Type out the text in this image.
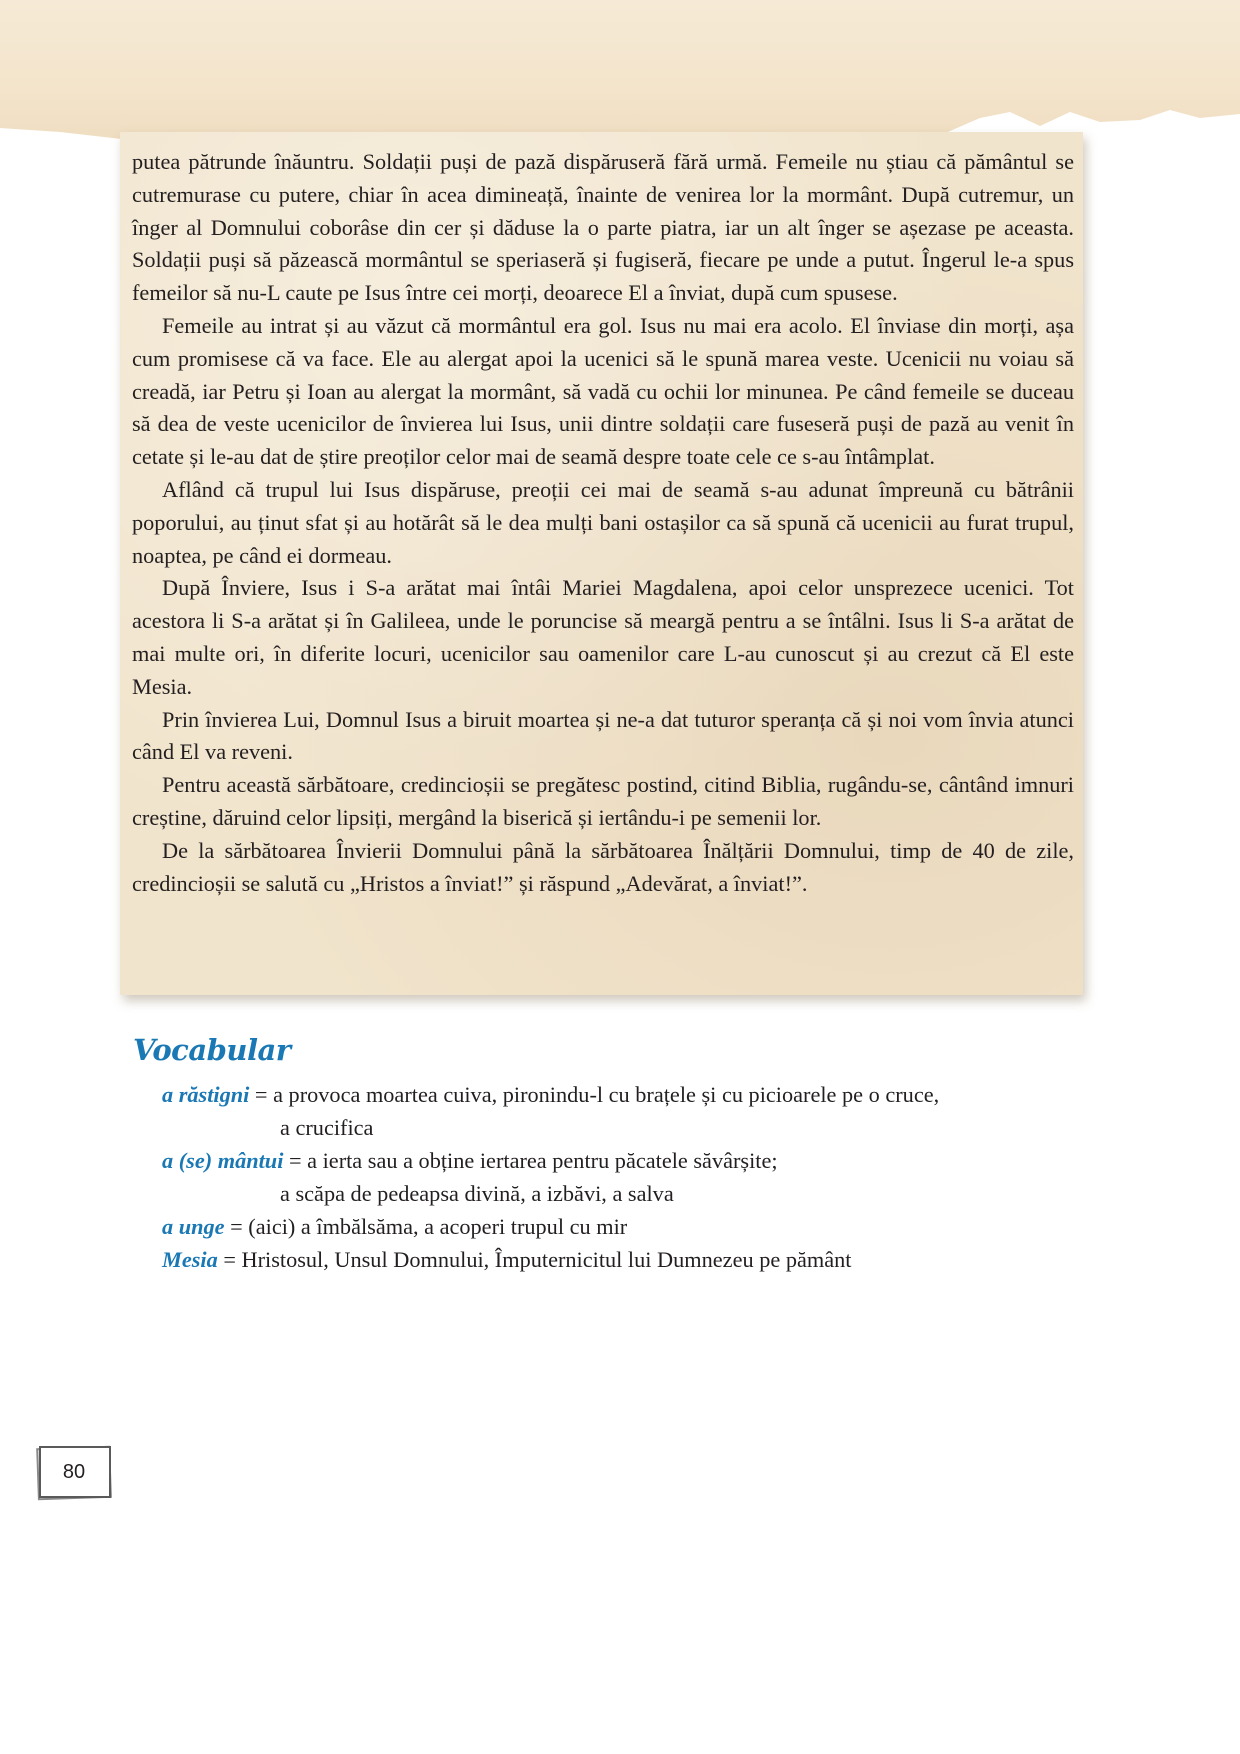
putea pătrunde înăuntru. Soldații puși de pază dispăruseră fără urmă. Femeile nu știau că pământul se cutremurase cu putere, chiar în acea dimineață, înainte de venirea lor la mormânt. După cutremur, un înger al Domnului coborâse din cer și dăduse la o parte piatra, iar un alt înger se așezase pe aceasta. Soldații puși să păzească mormântul se speriaseră și fugiseră, fiecare pe unde a putut. Îngerul le-a spus femeilor să nu-L caute pe Isus între cei morți, deoarece El a înviat, după cum spusese.

Femeile au intrat și au văzut că mormântul era gol. Isus nu mai era acolo. El înviase din morți, așa cum promisese că va face. Ele au alergat apoi la ucenici să le spună marea veste. Ucenicii nu voiau să creadă, iar Petru și Ioan au alergat la mormânt, să vadă cu ochii lor minunea. Pe când femeile se duceau să dea de veste ucenicilor de învierea lui Isus, unii dintre soldații care fuseseră puși de pază au venit în cetate și le-au dat de știre preoților celor mai de seamă despre toate cele ce s-au întâmplat.

Aflând că trupul lui Isus dispăruse, preoții cei mai de seamă s-au adunat împreună cu bătrânii poporului, au ținut sfat și au hotărât să le dea mulți bani ostașilor ca să spună că ucenicii au furat trupul, noaptea, pe când ei dormeau.

După Înviere, Isus i S-a arătat mai întâi Mariei Magdalena, apoi celor unsprezece ucenici. Tot acestora li S-a arătat și în Galileea, unde le poruncise să meargă pentru a se întâlni. Isus li S-a arătat de mai multe ori, în diferite locuri, ucenicilor sau oamenilor care L-au cunoscut și au crezut că El este Mesia.

Prin învierea Lui, Domnul Isus a biruit moartea și ne-a dat tuturor speranța că și noi vom învia atunci când El va reveni.

Pentru această sărbătoare, credincioșii se pregătesc postind, citind Biblia, rugându-se, cântând imnuri creștine, dăruind celor lipsiți, mergând la biserică și iertându-i pe semenii lor.

De la sărbătoarea Învierii Domnului până la sărbătoarea Înălțării Domnului, timp de 40 de zile, credincioșii se salută cu „Hristos a înviat!” și răspund „Adevărat, a înviat!”.

Vocabular
a răstigni = a provoca moartea cuiva, pironindu-l cu brațele și cu picioarele pe o cruce,
a crucifica
a (se) mântui = a ierta sau a obține iertarea pentru păcatele săvârșite;
a scăpa de pedeapsa divină, a izbăvi, a salva
a unge = (aici) a îmbălsăma, a acoperi trupul cu mir
Mesia = Hristosul, Unsul Domnului, Împuternicitul lui Dumnezeu pe pământ
80
